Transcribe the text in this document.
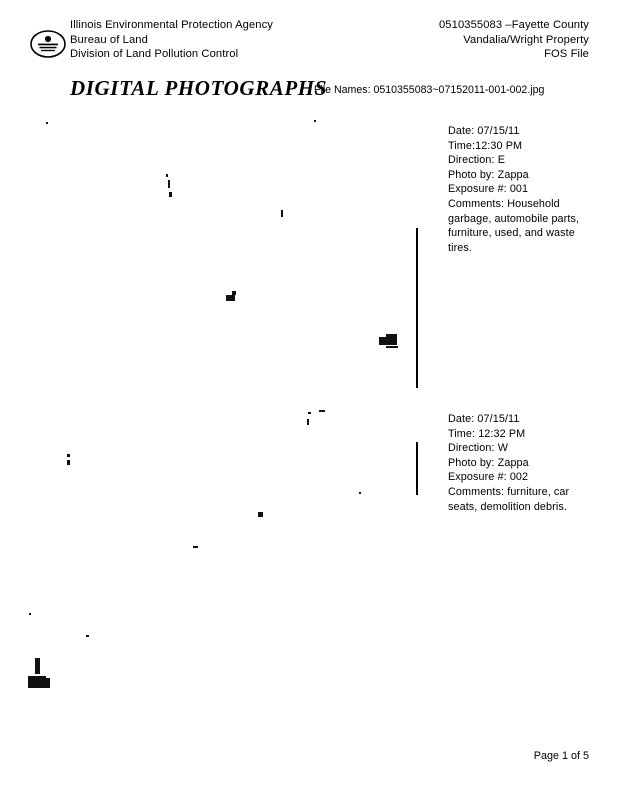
Illinois Environmental Protection Agency
Bureau of Land
Division of Land Pollution Control
0510355083 –Fayette County
Vandalia/Wright Property
FOS File
DIGITAL PHOTOGRAPHS
File Names: 0510355083~07152011-001-002.jpg
Date: 07/15/11
Time:12:30 PM
Direction: E
Photo by: Zappa
Exposure #: 001
Comments: Household garbage, automobile parts, furniture, used, and waste tires.
Date: 07/15/11
Time: 12:32 PM
Direction: W
Photo by: Zappa
Exposure #: 002
Comments: furniture, car seats, demolition debris.
Page 1 of 5
